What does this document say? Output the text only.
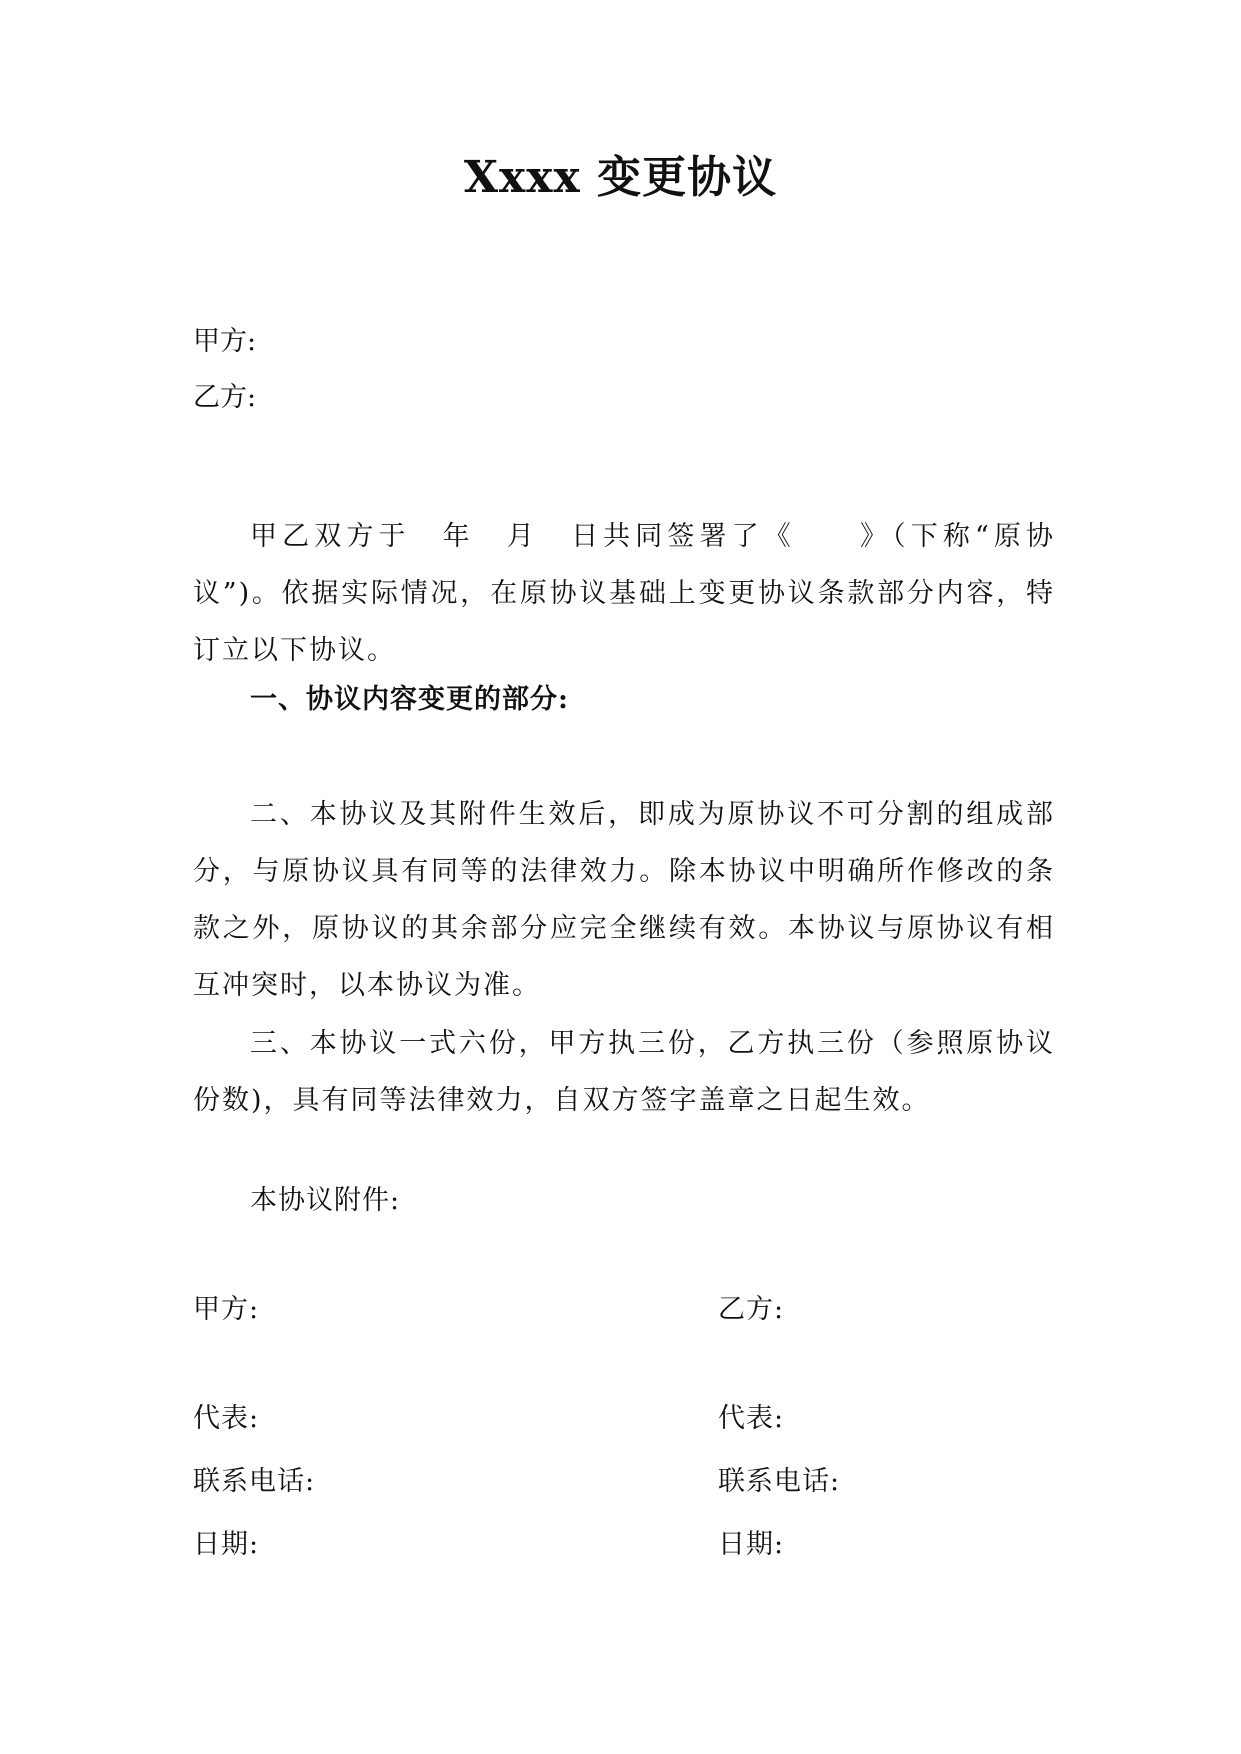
Xxxx 变更协议

甲方:

乙方:

甲乙双方于　年　月　日共同签署了《　　》（下称“原协议”)。依据实际情况，在原协议基础上变更协议条款部分内容，特订立以下协议。

一、协议内容变更的部分:

二、本协议及其附件生效后，即成为原协议不可分割的组成部分，与原协议具有同等的法律效力。除本协议中明确所作修改的条款之外，原协议的其余部分应完全继续有效。本协议与原协议有相互冲突时，以本协议为准。

三、本协议一式六份，甲方执三份，乙方执三份（参照原协议份数)，具有同等法律效力，自双方签字盖章之日起生效。

本协议附件:

甲方:
代表:
联系电话:
日期:
乙方:
代表:
联系电话:
日期:
